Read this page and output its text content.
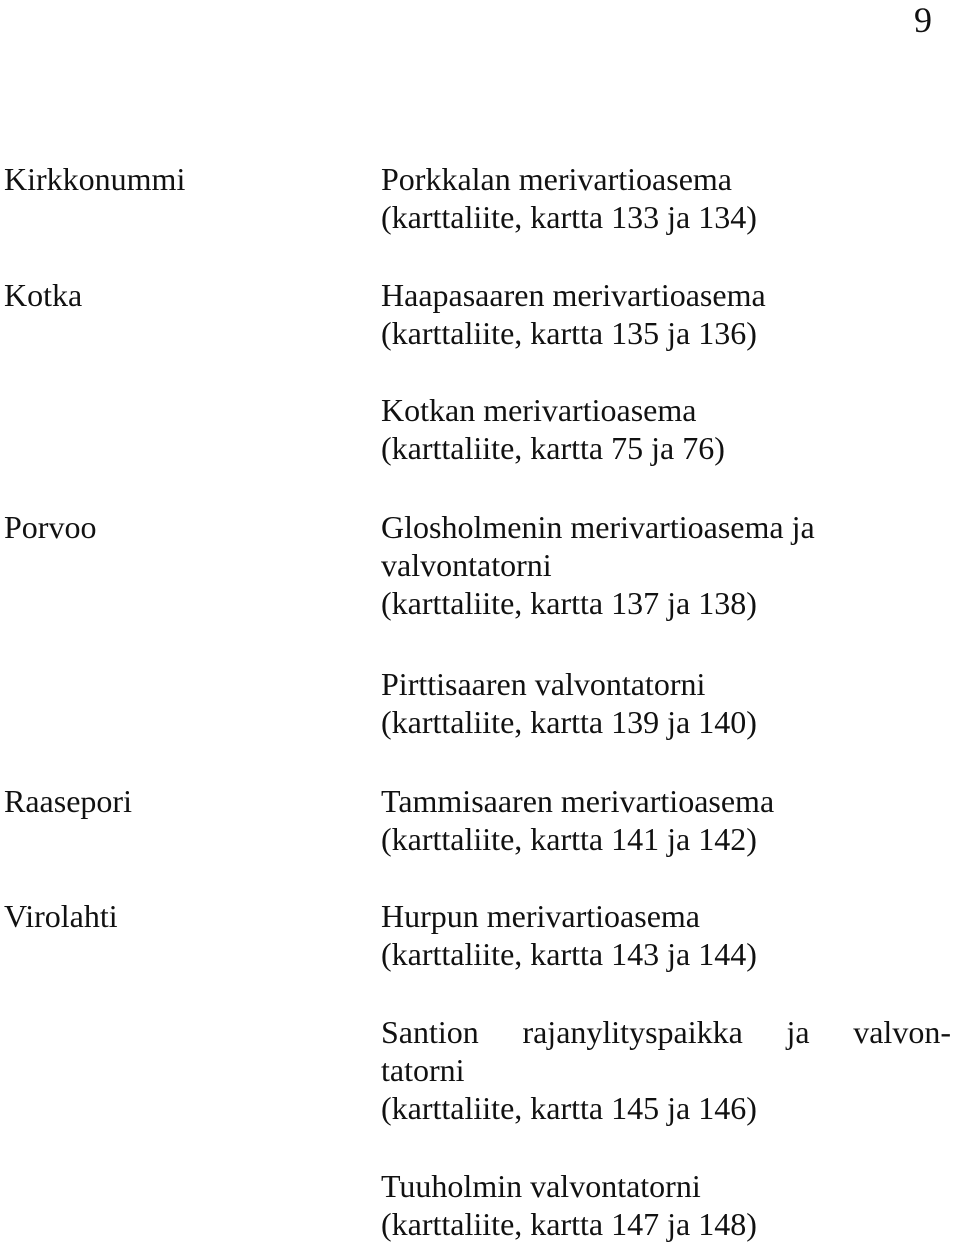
9
Kirkkonummi
Kotka
Porvoo
Raasepori
Virolahti
Porkkalan merivartioasema
(karttaliite, kartta 133 ja 134)
Haapasaaren merivartioasema
(karttaliite, kartta 135 ja 136)
Kotkan merivartioasema
(karttaliite, kartta 75 ja 76)
Glosholmenin merivartioasema ja
valvontatorni
(karttaliite, kartta 137 ja 138)
Pirttisaaren valvontatorni
(karttaliite, kartta 139 ja 140)
Tammisaaren merivartioasema
(karttaliite, kartta 141 ja 142)
Hurpun merivartioasema
(karttaliite, kartta 143 ja 144)
Santion rajanylityspaikka ja valvon-
tatorni
(karttaliite, kartta 145 ja 146)
Tuuholmin valvontatorni
(karttaliite, kartta 147 ja 148)
